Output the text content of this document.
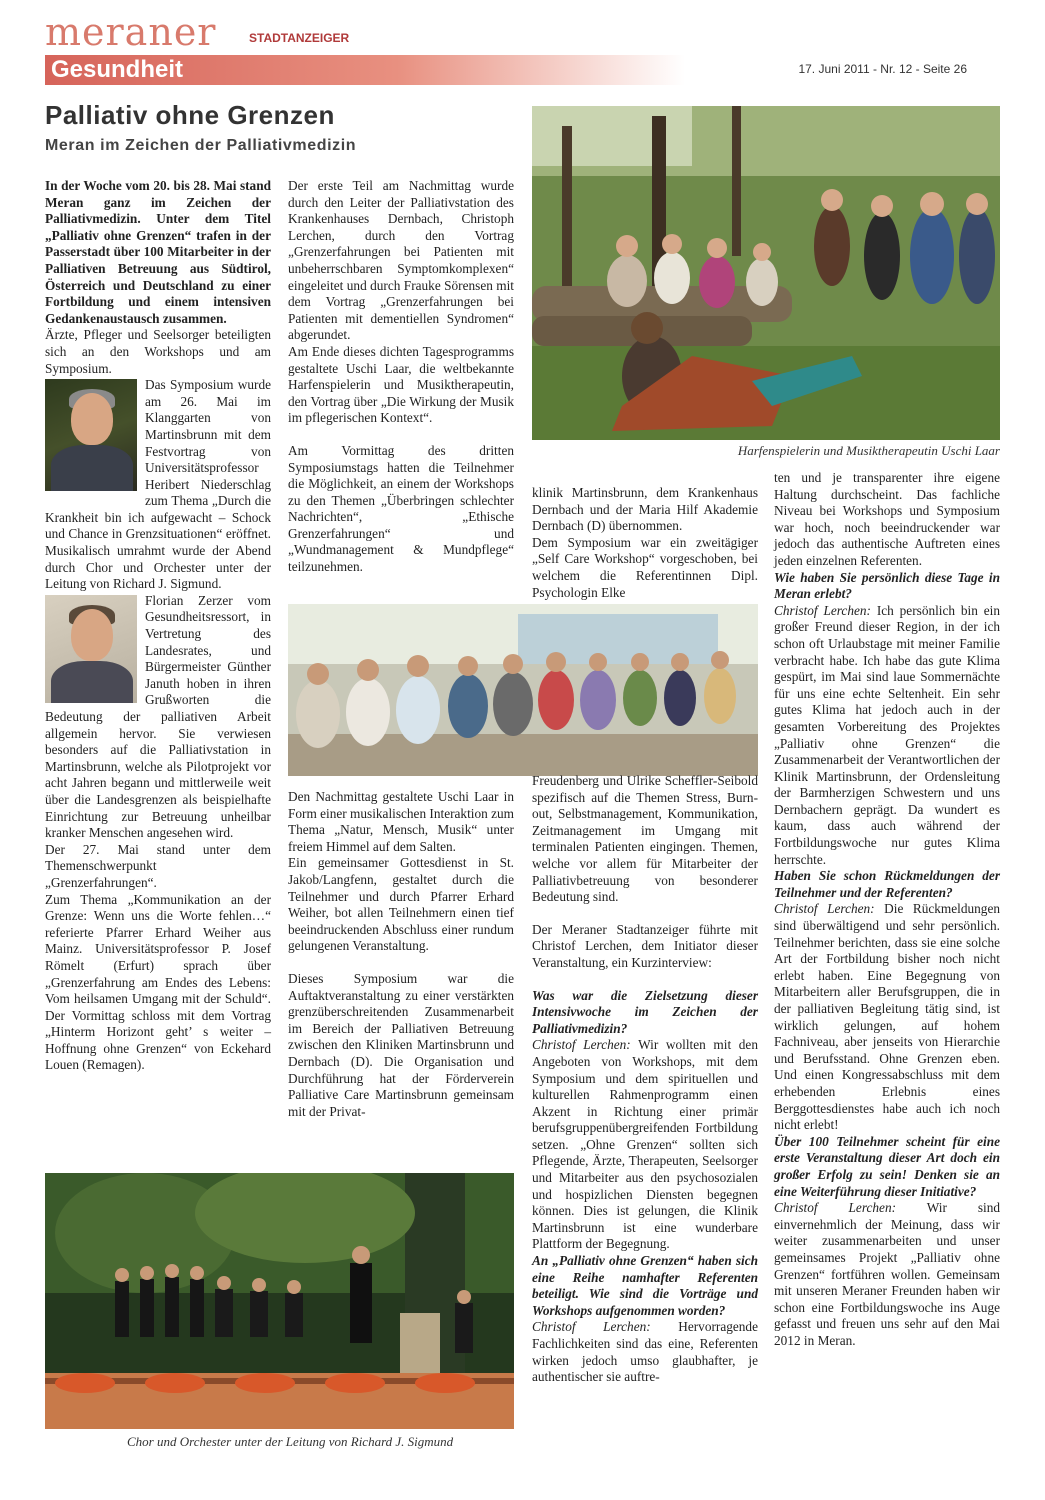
meraner	STADTANZEIGER
Gesundheit	17. Juni 2011 - Nr. 12 - Seite 26
Palliativ ohne Grenzen
Meran im Zeichen der Palliativmedizin
Harfenspielerin und Musiktherapeutin Uschi Laar

In der Woche vom 20. bis 28. Mai stand Meran ganz im Zeichen der Palliativmedizin. Unter dem Titel „Palliativ ohne Grenzen“ trafen in der Passerstadt über 100 Mitarbeiter in der Palliativen Betreuung aus Südtirol, Österreich und Deutschland zu einer Fortbildung und einem intensiven Gedankenaustausch zusammen.

Ärzte, Pfleger und Seelsorger beteiligten sich an den Workshops und am Symposium.

Das Symposium wurde am 26. Mai im Klanggarten von Martinsbrunn mit dem Festvortrag von Universitätsprofessor Heribert Niederschlag zum Thema „Durch die Krankheit bin ich aufgewacht – Schock und Chance in Grenzsituationen“ eröffnet. Musikalisch umrahmt wurde der Abend durch Chor und Orchester unter der Leitung von Richard J. Sigmund.

Florian Zerzer vom Gesundheitsressort, in Vertretung des Landesrates, und Bürgermeister Günther Januth hoben in ihren Grußworten die Bedeutung der palliativen Arbeit allgemein hervor. Sie verwiesen besonders auf die Palliativstation in Martinsbrunn, welche als Pilotprojekt vor acht Jahren begann und mittlerweile weit über die Landesgrenzen als beispielhafte Einrichtung zur Betreuung unheilbar kranker Menschen angesehen wird.

Der 27. Mai stand unter dem Themenschwerpunkt „Grenzerfahrungen“.

Zum Thema „Kommunikation an der Grenze: Wenn uns die Worte fehlen…“ referierte Pfarrer Erhard Weiher aus Mainz. Universitätsprofessor P. Josef Römelt (Erfurt) sprach über „Grenzerfahrung am Endes des Lebens: Vom heilsamen Umgang mit der Schuld“. Der Vormittag schloss mit dem Vortrag „Hinterm Horizont geht’ s weiter – Hoffnung ohne Grenzen“ von Eckehard Louen (Remagen).

Der erste Teil am Nachmittag wurde durch den Leiter der Palliativstation des Krankenhauses Dernbach, Christoph Lerchen, durch den Vortrag „Grenzerfahrungen bei Patienten mit unbeherrschbaren Symptomkomplexen“ eingeleitet und durch Frauke Sörensen mit dem Vortrag „Grenzerfahrungen bei Patienten mit dementiellen Syndromen“ abgerundet.

Am Ende dieses dichten Tagesprogramms gestaltete Uschi Laar, die weltbekannte Harfenspielerin und Musiktherapeutin, den Vortrag über „Die Wirkung der Musik im pflegerischen Kontext“.

Am Vormittag des dritten Symposiumstags hatten die Teilnehmer die Möglichkeit, an einem der Workshops zu den Themen „Überbringen schlechter Nachrichten“, „Ethische Grenzerfahrungen“ und „Wundmanagement & Mundpflege“ teilzunehmen.

klinik Martinsbrunn, dem Krankenhaus Dernbach und der Maria Hilf Akademie Dernbach (D) übernommen.

Dem Symposium war ein zweitägiger „Self Care Workshop“ vorgeschoben, bei welchem die Referentinnen Dipl. Psychologin Elke

Den Nachmittag gestaltete Uschi Laar in Form einer musikalischen Interaktion zum Thema „Natur, Mensch, Musik“ unter freiem Himmel auf dem Salten.

Ein gemeinsamer Gottesdienst in St. Jakob/Langfenn, gestaltet durch die Teilnehmer und durch Pfarrer Erhard Weiher, bot allen Teilnehmern einen tief beeindruckenden Abschluss einer rundum gelungenen Veranstaltung.

Dieses Symposium war die Auftaktveranstaltung zu einer verstärkten grenzüberschreitenden Zusammenarbeit im Bereich der Palliativen Betreuung zwischen den Kliniken Martinsbrunn und Dernbach (D). Die Organisation und Durchführung hat der Förderverein Palliative Care Martinsbrunn gemeinsam mit der Privat-

Freudenberg und Ulrike Scheffler-Seibold spezifisch auf die Themen Stress, Burn-out, Selbstmanagement, Kommunikation, Zeitmanagement im Umgang mit terminalen Patienten eingingen. Themen, welche vor allem für Mitarbeiter der Palliativbetreuung von besonderer Bedeutung sind.

Der Meraner Stadtanzeiger führte mit Christof Lerchen, dem Initiator dieser Veranstaltung, ein Kurzinterview:

Was war die Zielsetzung dieser Intensivwoche im Zeichen der Palliativmedizin?

Christof Lerchen: Wir wollten mit den Angeboten von Workshops, mit dem Symposium und dem spirituellen und kulturellen Rahmenprogramm einen Akzent in Richtung einer primär berufsgruppenübergreifenden Fortbildung setzen. „Ohne Grenzen“ sollten sich Pflegende, Ärzte, Therapeuten, Seelsorger und Mitarbeiter aus den psychosozialen und hospizlichen Diensten begegnen können. Dies ist gelungen, die Klinik Martinsbrunn ist eine wunderbare Plattform der Begegnung.

An „Palliativ ohne Grenzen“ haben sich eine Reihe namhafter Referenten beteiligt. Wie sind die Vorträge und Workshops aufgenommen worden?

Christof Lerchen: Hervorragende Fachlichkeiten sind das eine, Referenten wirken jedoch umso glaubhafter, je authentischer sie auftre-

ten und je transparenter ihre eigene Haltung durchscheint. Das fachliche Niveau bei Workshops und Symposium war hoch, noch beeindruckender war jedoch das authentische Auftreten eines jeden einzelnen Referenten.

Wie haben Sie persönlich diese Tage in Meran erlebt?

Christof Lerchen: Ich persönlich bin ein großer Freund dieser Region, in der ich schon oft Urlaubstage mit meiner Familie verbracht habe. Ich habe das gute Klima gespürt, im Mai sind laue Sommernächte für uns eine echte Seltenheit. Ein sehr gutes Klima hat jedoch auch in der gesamten Vorbereitung des Projektes „Palliativ ohne Grenzen“ die Zusammenarbeit der Verantwortlichen der Klinik Martinsbrunn, der Ordensleitung der Barmherzigen Schwestern und uns Dernbachern geprägt. Da wundert es kaum, dass auch während der Fortbildungswoche nur gutes Klima herrschte.

Haben Sie schon Rückmeldungen der Teilnehmer und der Referenten?

Christof Lerchen: Die Rückmeldungen sind überwältigend und sehr persönlich. Teilnehmer berichten, dass sie eine solche Art der Fortbildung bisher noch nicht erlebt haben. Eine Begegnung von Mitarbeitern aller Berufsgruppen, die in der palliativen Begleitung tätig sind, ist wirklich gelungen, auf hohem Fachniveau, aber jenseits von Hierarchie und Berufsstand. Ohne Grenzen eben. Und einen Kongressabschluss mit dem erhebenden Erlebnis eines Berggottesdienstes habe auch ich noch nicht erlebt!

Über 100 Teilnehmer scheint für eine erste Veranstaltung dieser Art doch ein großer Erfolg zu sein! Denken sie an eine Weiterführung dieser Initiative?

Christof Lerchen: Wir sind einvernehmlich der Meinung, dass wir weiter zusammenarbeiten und unser gemeinsames Projekt „Palliativ ohne Grenzen“ fortführen wollen. Gemeinsam mit unseren Meraner Freunden haben wir schon eine Fortbildungswoche ins Auge gefasst und freuen uns sehr auf den Mai 2012 in Meran.

Chor und Orchester unter der Leitung von Richard J. Sigmund
